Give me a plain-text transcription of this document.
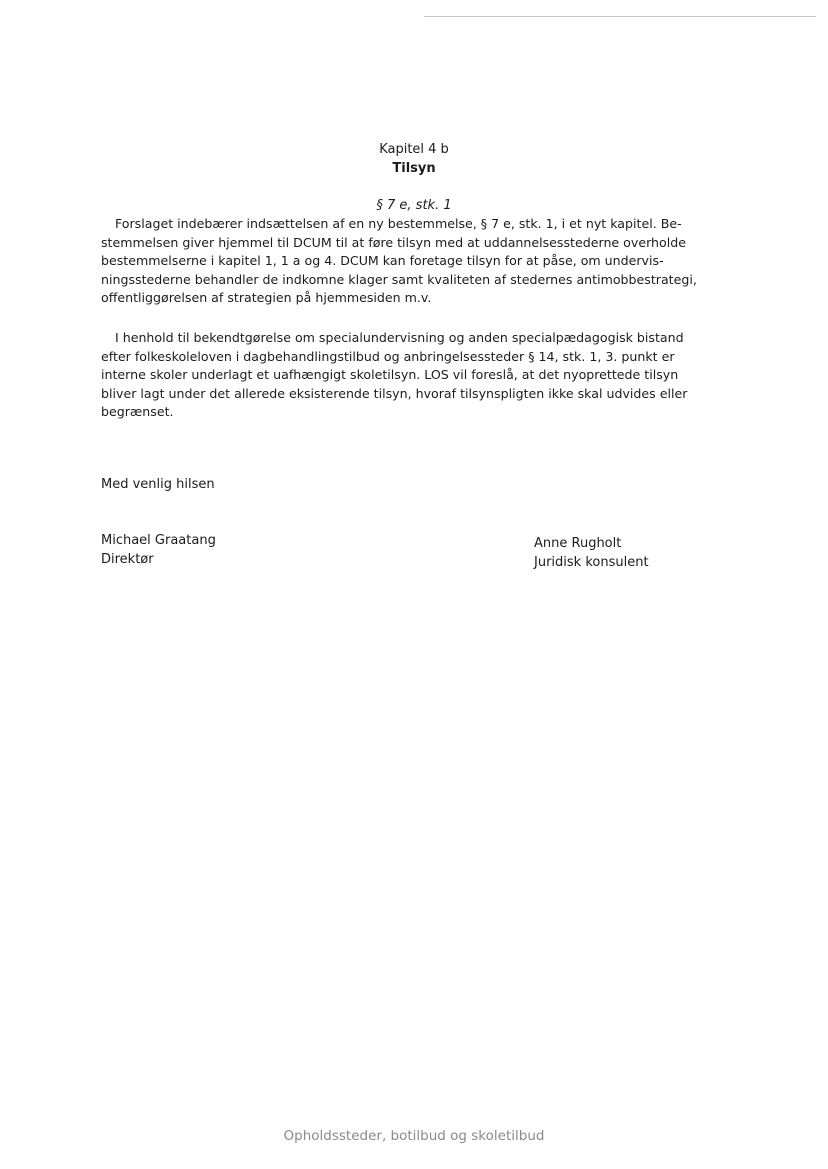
Kapitel 4 b
Tilsyn
§ 7 e, stk. 1
Forslaget indebærer indsættelsen af en ny bestemmelse, § 7 e, stk. 1, i et nyt kapitel. Be-
stemmelsen giver hjemmel til DCUM til at føre tilsyn med at uddannelsesstederne overholde
bestemmelserne i kapitel 1, 1 a og 4. DCUM kan foretage tilsyn for at påse, om undervis-
ningsstederne behandler de indkomne klager samt kvaliteten af stedernes antimobbestrategi,
offentliggørelsen af strategien på hjemmesiden m.v.
I henhold til bekendtgørelse om specialundervisning og anden specialpædagogisk bistand
efter folkeskoleloven i dagbehandlingstilbud og anbringelsessteder § 14, stk. 1, 3. punkt er
interne skoler underlagt et uafhængigt skoletilsyn. LOS vil foreslå, at det nyoprettede tilsyn
bliver lagt under det allerede eksisterende tilsyn, hvoraf tilsynspligten ikke skal udvides eller
begrænset.
Med venlig hilsen
Michael Graatang
Direktør
Anne Rugholt
Juridisk konsulent
Opholdssteder, botilbud og skoletilbud
